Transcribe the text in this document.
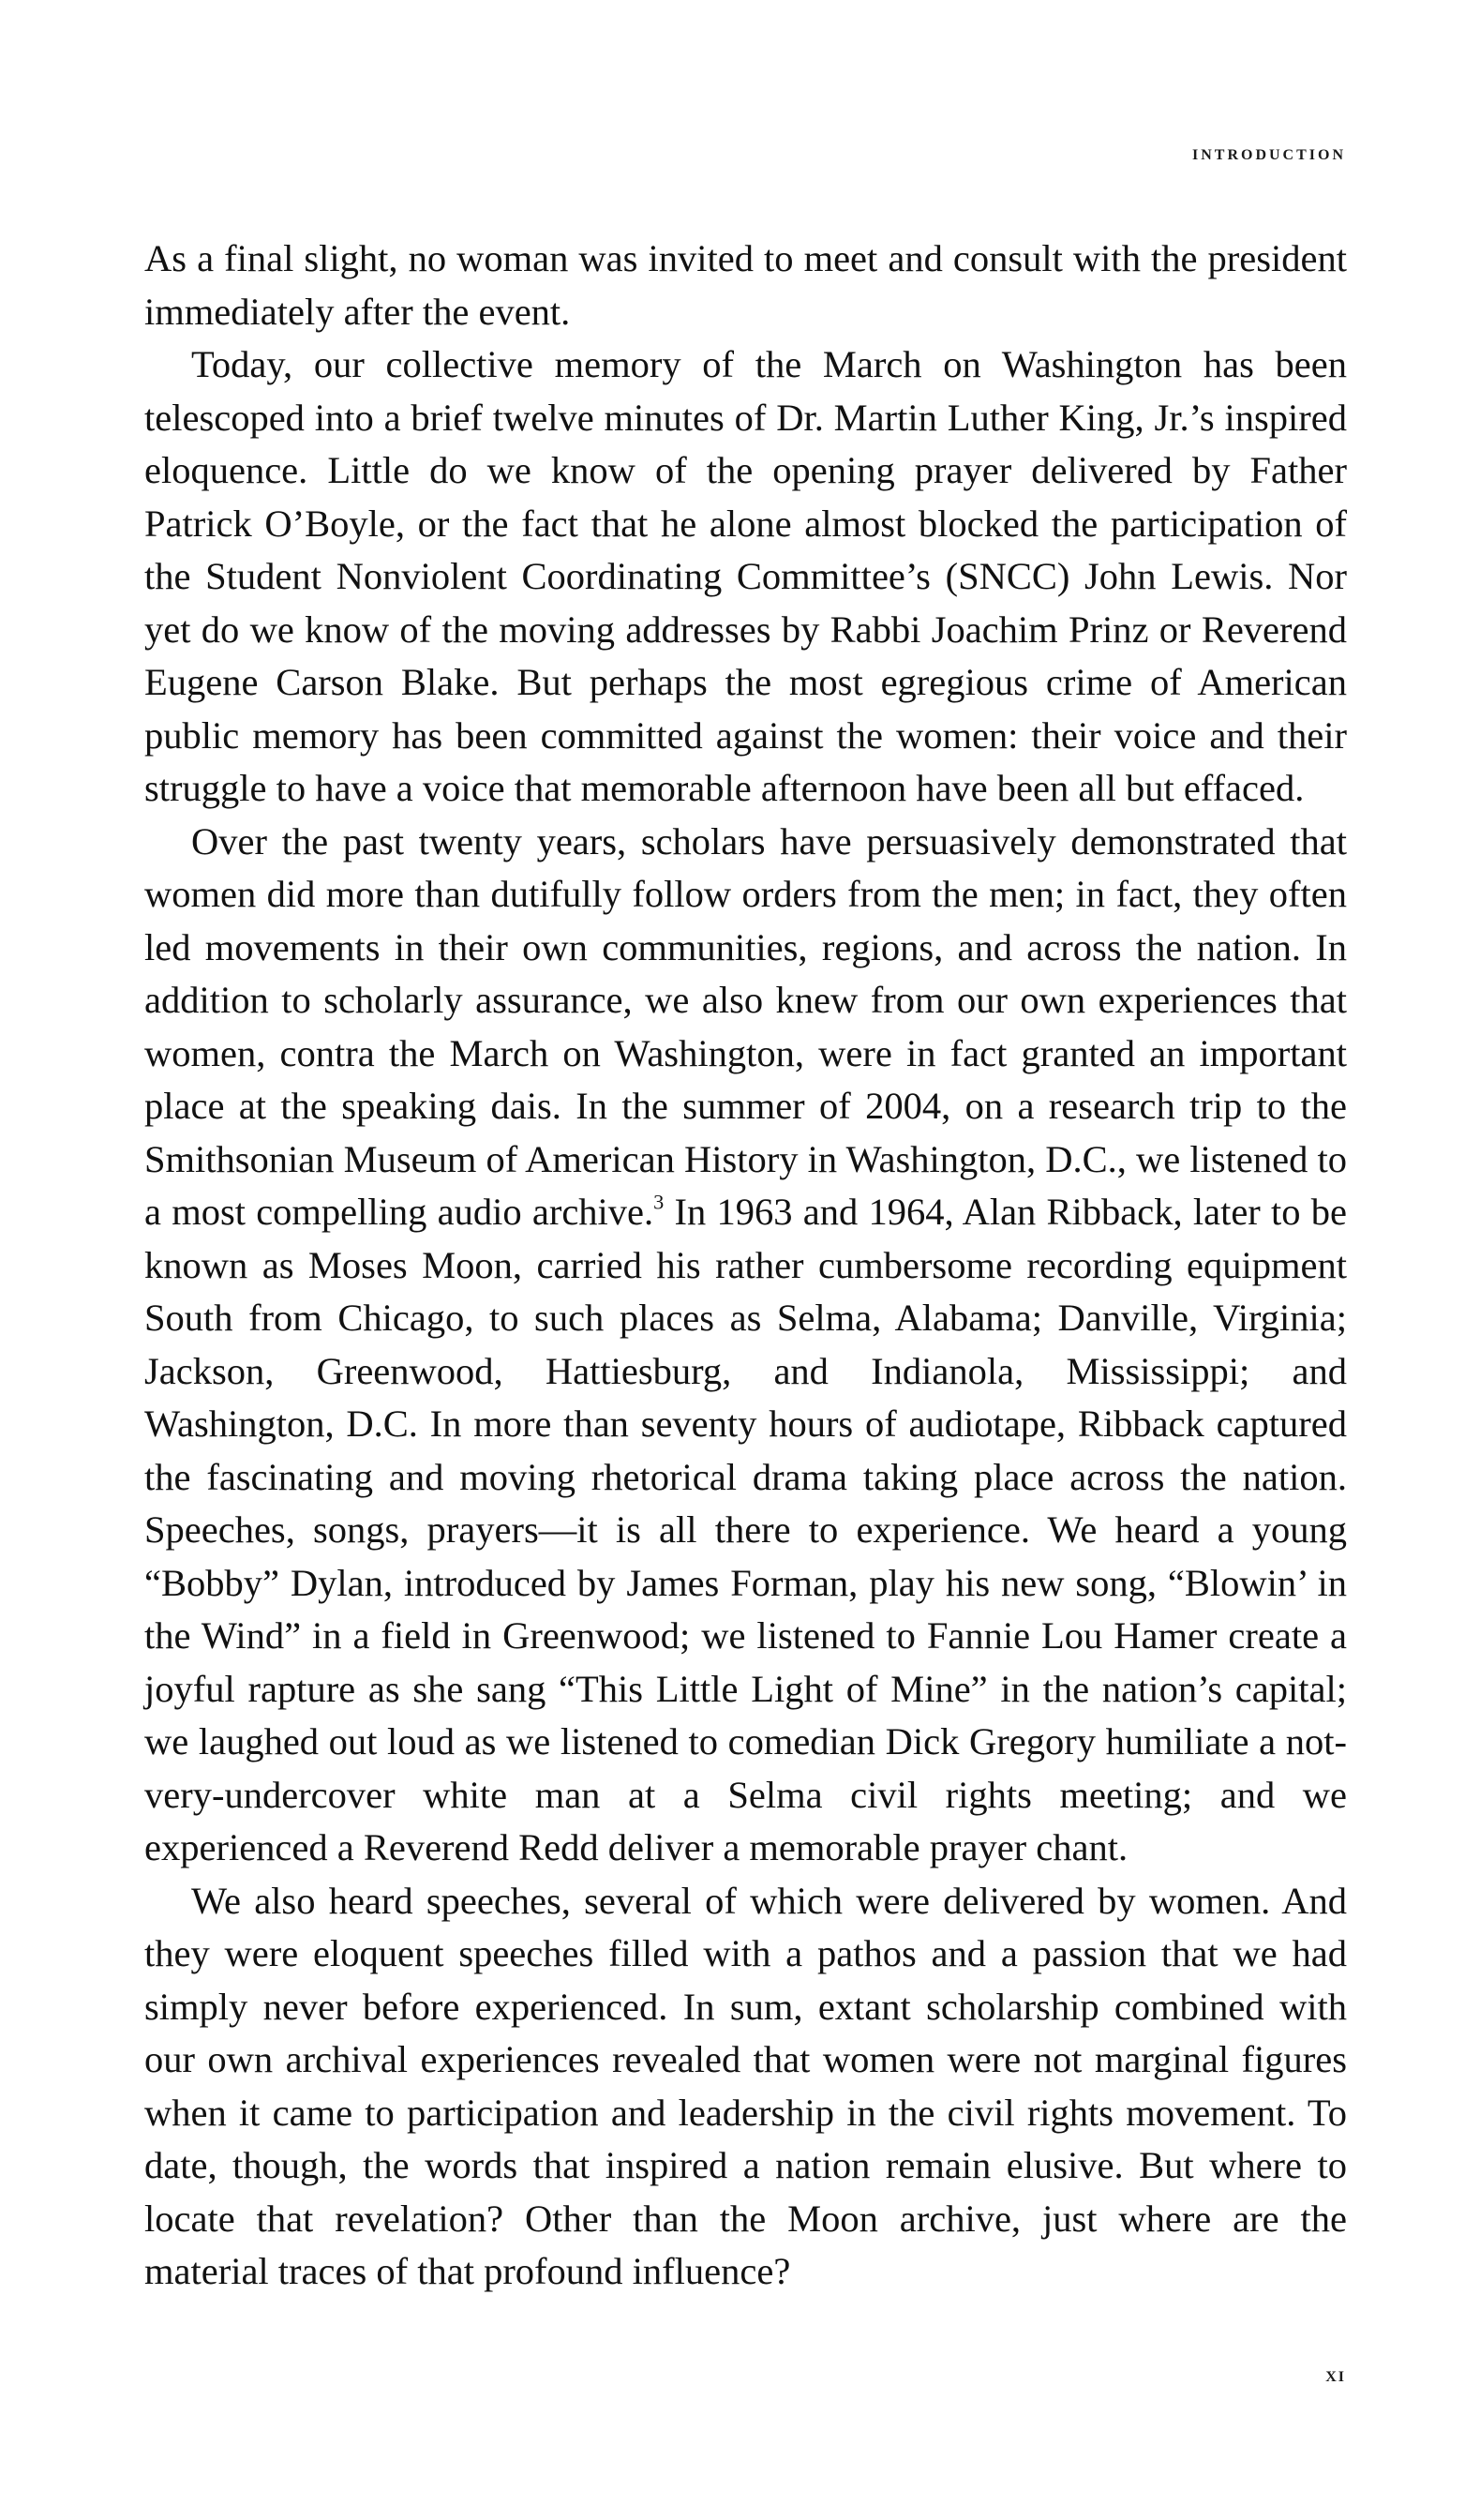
introduction

As a final slight, no woman was invited to meet and consult with the president immediately after the event.

Today, our collective memory of the March on Washington has been telescoped into a brief twelve minutes of Dr. Martin Luther King, Jr.’s inspired eloquence. Little do we know of the opening prayer delivered by Father Patrick O’Boyle, or the fact that he alone almost blocked the participation of the Student Nonviolent Coordinating Committee’s (SNCC) John Lewis. Nor yet do we know of the moving addresses by Rabbi Joachim Prinz or Reverend Eugene Carson Blake. But perhaps the most egregious crime of American public memory has been committed against the women: their voice and their struggle to have a voice that memorable afternoon have been all but effaced.

Over the past twenty years, scholars have persuasively demonstrated that women did more than dutifully follow orders from the men; in fact, they often led movements in their own communities, regions, and across the nation. In addition to scholarly assurance, we also knew from our own experiences that women, contra the March on Washington, were in fact granted an important place at the speaking dais. In the summer of 2004, on a research trip to the Smithsonian Museum of American History in Washington, D.C., we listened to a most compelling audio archive.$^3$ In 1963 and 1964, Alan Ribback, later to be known as Moses Moon, carried his rather cumbersome recording equipment South from Chicago, to such places as Selma, Alabama; Danville, Virginia; Jackson, Greenwood, Hattiesburg, and Indianola, Mississippi; and Washington, D.C. In more than seventy hours of audiotape, Ribback captured the fascinating and moving rhetorical drama taking place across the nation. Speeches, songs, prayers—it is all there to experience. We heard a young “Bobby” Dylan, introduced by James Forman, play his new song, “Blowin’ in the Wind” in a field in Greenwood; we listened to Fannie Lou Hamer create a joyful rapture as she sang “This Little Light of Mine” in the nation’s capital; we laughed out loud as we listened to comedian Dick Gregory humiliate a not-very-undercover white man at a Selma civil rights meeting; and we experienced a Reverend Redd deliver a memorable prayer chant.

We also heard speeches, several of which were delivered by women. And they were eloquent speeches filled with a pathos and a passion that we had simply never before experienced. In sum, extant scholarship combined with our own archival experiences revealed that women were not marginal figures when it came to participation and leadership in the civil rights movement. To date, though, the words that inspired a nation remain elusive. But where to locate that revelation? Other than the Moon archive, just where are the material traces of that profound influence?

xi
